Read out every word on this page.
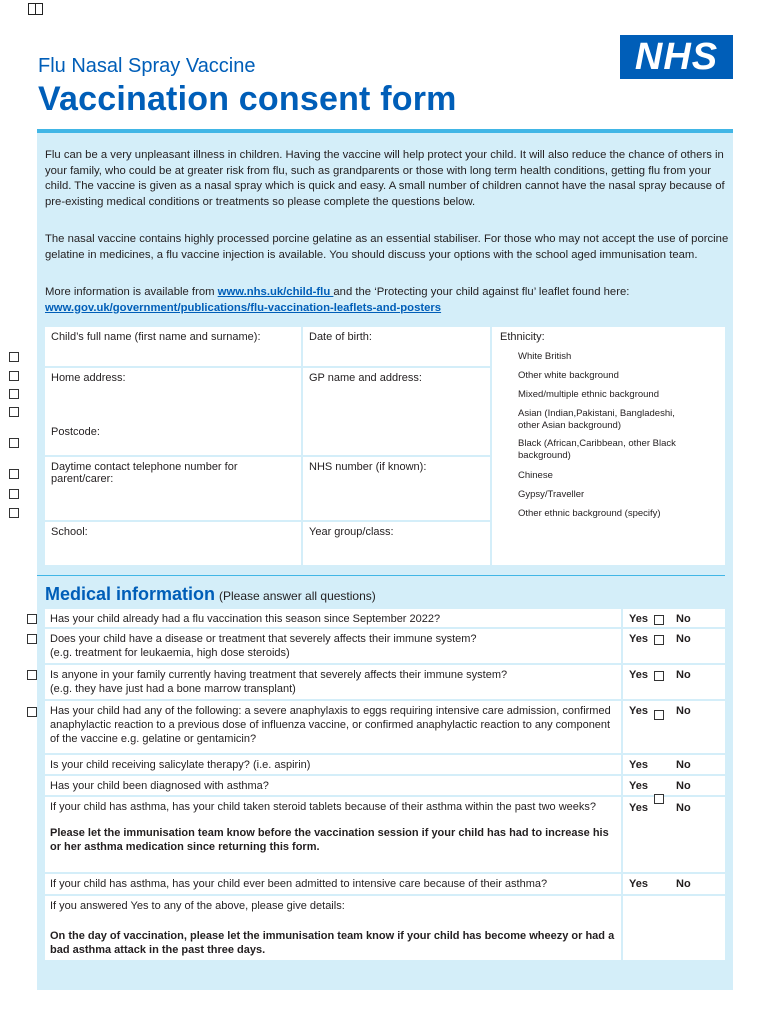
Flu Nasal Spray Vaccine
Vaccination consent form
NHS
Flu can be a very unpleasant illness in children. Having the vaccine will help protect your child. It will also reduce the chance of others in your family, who could be at greater risk from flu, such as grandparents or those with long term health conditions, getting flu from your child. The vaccine is given as a nasal spray which is quick and easy. A small number of children cannot have the nasal spray because of pre-existing medical conditions or treatments so please complete the questions below.
The nasal vaccine contains highly processed porcine gelatine as an essential stabiliser. For those who may not accept the use of porcine gelatine in medicines, a flu vaccine injection is available. You should discuss your options with the school aged immunisation team.
More information is available from www.nhs.uk/child-flu and the ‘Protecting your child against flu’ leaflet found here:
www.gov.uk/government/publications/flu-vaccination-leaflets-and-posters
Child’s full name (first name and surname):	Date of birth:
Home address:
Postcode:
GP name and address:
Daytime contact telephone number for parent/carer:
NHS number (if known):
School:	Year group/class:
Ethnicity:
White British
Other white background
Mixed/multiple ethnic background
Asian (Indian,Pakistani, Bangladeshi, other Asian background)
Black (African,Caribbean, other Black background)
Chinese
Gypsy/Traveller
Other ethnic background (specify)
Medical information (Please answer all questions)
Has your child already had a flu vaccination this season since September 2022?	Yes	No
Does your child have a disease or treatment that severely affects their immune system?
(e.g. treatment for leukaemia, high dose steroids)
Yes	No
Is anyone in your family currently having treatment that severely affects their immune system?
(e.g. they have just had a bone marrow transplant)
Yes	No
Has your child had any of the following: a severe anaphylaxis to eggs requiring intensive care admission, confirmed anaphylactic reaction to a previous dose of influenza vaccine, or confirmed anaphylactic reaction to any component of the vaccine e.g. gelatine or gentamicin?
Yes	No
Is your child receiving salicylate therapy? (i.e. aspirin)	Yes	No
Has your child been diagnosed with asthma?	Yes	No
If your child has asthma, has your child taken steroid tablets because of their asthma within the past two weeks?
Please let the immunisation team know before the vaccination session if your child has had to increase his or her asthma medication since returning this form.
Yes	No
If your child has asthma, has your child ever been admitted to intensive care because of their asthma?	Yes	No
If you answered Yes to any of the above, please give details:
On the day of vaccination, please let the immunisation team know if your child has become wheezy or had a bad asthma attack in the past three days.
